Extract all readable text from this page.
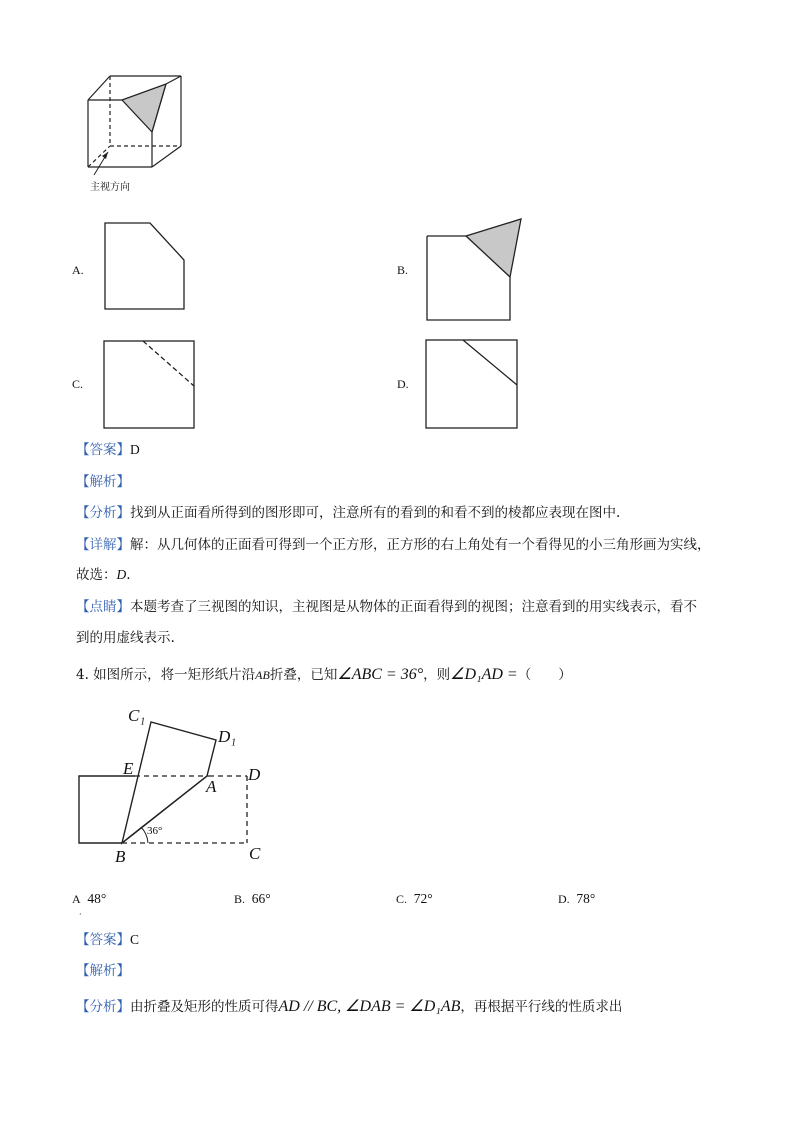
主视方向
A.	B.
C.	D.
【答案】D
【解析】
【分析】找到从正面看所得到的图形即可，注意所有的看到的和看不到的棱都应表现在图中.
【详解】解：从几何体的正面看可得到一个正方形，正方形的右上角处有一个看得见的小三角形画为实线，
故选：D.
【点睛】本题考查了三视图的知识，主视图是从物体的正面看得到的视图；注意看到的用实线表示，看不
到的用虚线表示.
4. 如图所示，将一矩形纸片沿AB折叠，已知∠ABC = 36°，则∠D₁AD =（　　）
C₁
D₁
E	D
A
36°
B	C
A 48°
·
B. 66°	C. 72°	D. 78°
【答案】C
【解析】
【分析】由折叠及矩形的性质可得AD // BC, ∠DAB = ∠D₁AB，再根据平行线的性质求出
